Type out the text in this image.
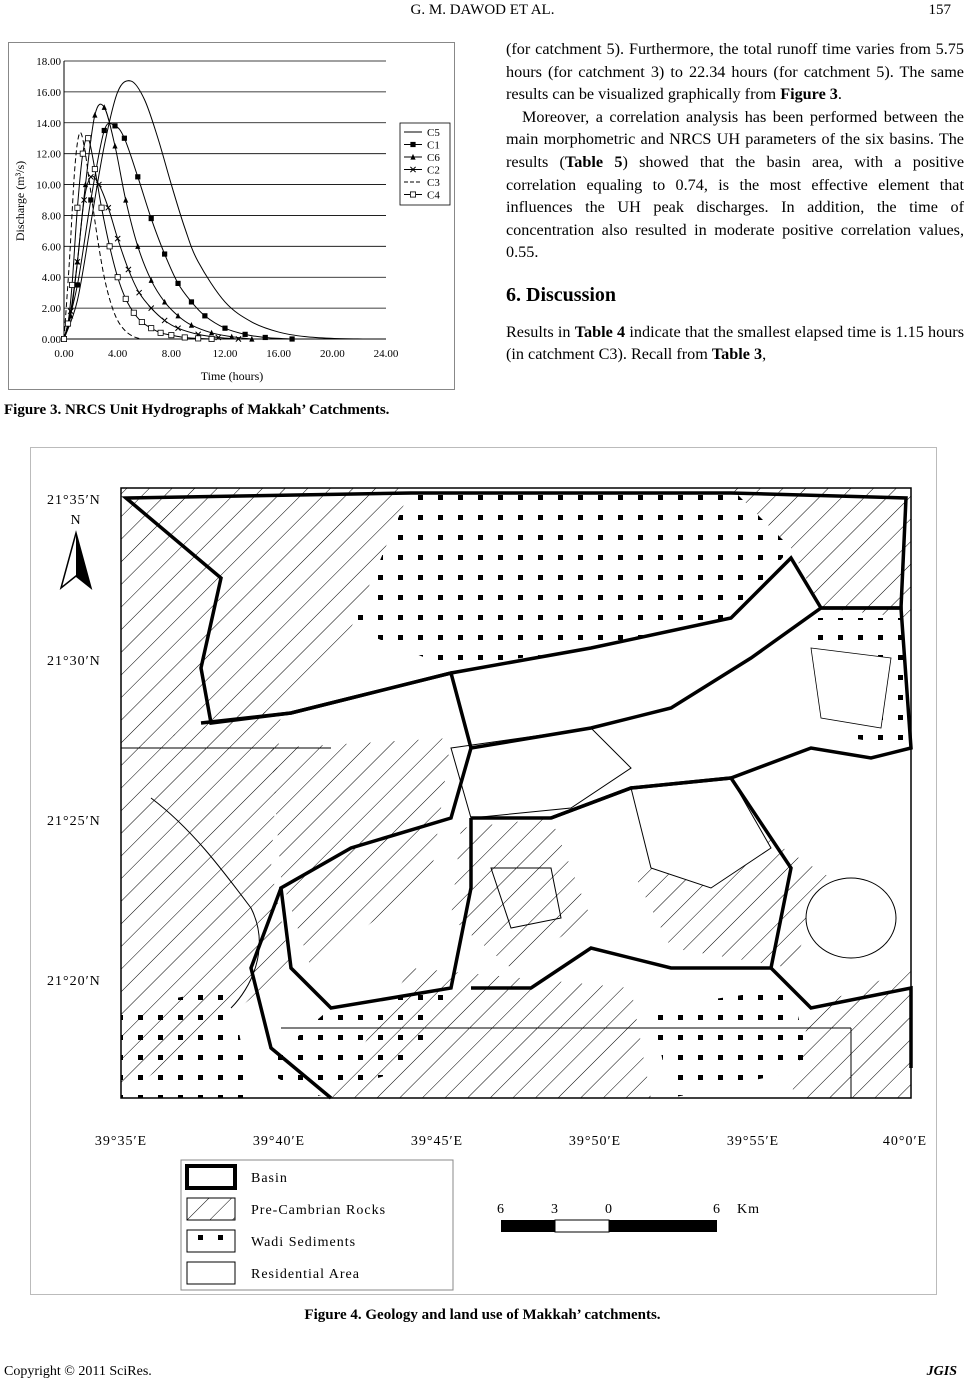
G. M. DAWOD ET AL.	157
0.00
2.00
4.00
6.00
8.00
10.00
12.00
14.00
16.00
18.00
0.00	4.00	8.00	12.00	16.00	20.00	24.00
C5
C1
C6
C2
C3
C4
Time (hours)
Discharge (m³/s)
Figure 3. NRCS Unit Hydrographs of Makkah’ Catchments.

(for catchment 5). Furthermore, the total runoff time varies from 5.75 hours (for catchment 3) to 22.34 hours (for catchment 5). The same results can be visualized graphically from Figure 3.

Moreover, a correlation analysis has been performed between the main morphometric and NRCS UH parameters of the six basins. The results (Table 5) showed that the basin area, with a positive correlation equaling to 0.74, is the most effective element that influences the UH peak discharges. In addition, the time of concentration also resulted in moderate positive correlation values, 0.55.

6. Discussion

Results in Table 4 indicate that the smallest elapsed time is 1.15 hours (in catchment C3). Recall from Table 3,

N
21°35′N
21°30′N
21°25′N
21°20′N
39°35′E	39°40′E	39°45′E	39°50′E	39°55′E	40°0′E
Basin
Pre-Cambrian Rocks
Wadi Sediments
Residential Area
6	3	0	6 Km
Figure 4. Geology and land use of Makkah’ catchments.
Copyright © 2011 SciRes.	JGIS
